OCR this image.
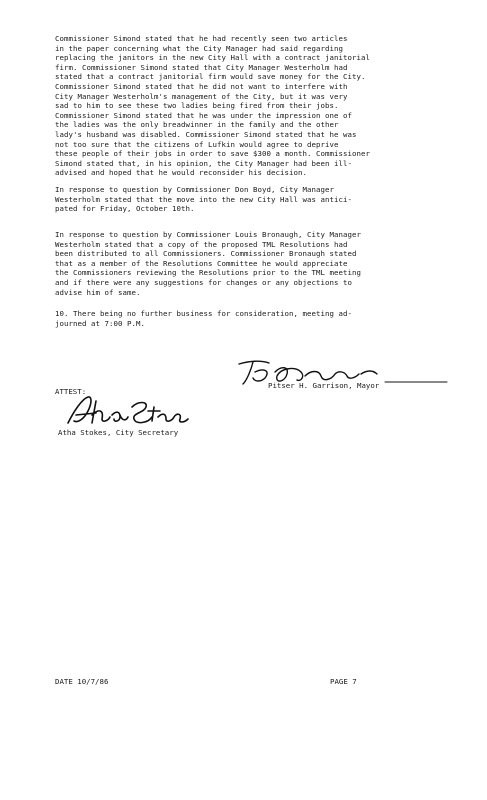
Commissioner Simond stated that he had recently seen two articles
in the paper concerning what the City Manager had said regarding
replacing the janitors in the new City Hall with a contract janitorial
firm. Commissioner Simond stated that City Manager Westerholm had
stated that a contract janitorial firm would save money for the City.
Commissioner Simond stated that he did not want to interfere with
City Manager Westerholm's management of the City, but it was very
sad to him to see these two ladies being fired from their jobs.
Commissioner Simond stated that he was under the impression one of
the ladies was the only breadwinner in the family and the other
lady's husband was disabled. Commissioner Simond stated that he was
not too sure that the citizens of Lufkin would agree to deprive
these people of their jobs in order to save $300 a month. Commissioner
Simond stated that, in his opinion, the City Manager had been ill-
advised and hoped that he would reconsider his decision.
In response to question by Commissioner Don Boyd, City Manager
Westerholm stated that the move into the new City Hall was antici-
pated for Friday, October 10th.
In response to question by Commissioner Louis Bronaugh, City Manager
Westerholm stated that a copy of the proposed TML Resolutions had
been distributed to all Commissioners. Commissioner Bronaugh stated
that as a member of the Resolutions Committee he would appreciate
the Commissioners reviewing the Resolutions prior to the TML meeting
and if there were any suggestions for changes or any objections to
advise him of same.
10. There being no further business for consideration, meeting ad-
journed at 7:00 P.M.
Pitser H. Garrison, Mayor
ATTEST:
Atha Stokes, City Secretary
DATE 10/7/86	PAGE 7
